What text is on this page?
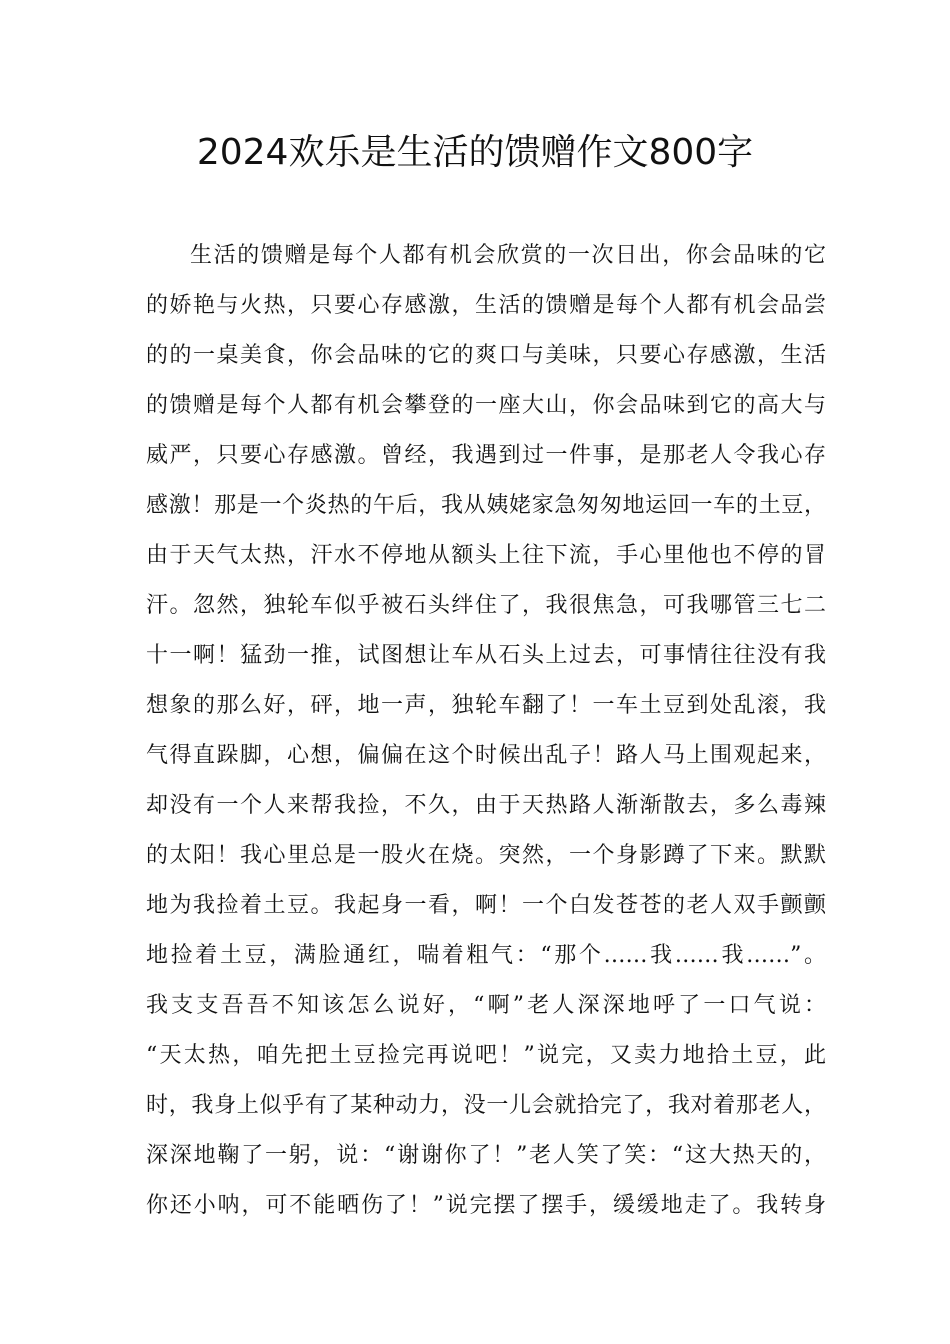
2024欢乐是生活的馈赠作文800字
生活的馈赠是每个人都有机会欣赏的一次日出，你会品味的它
的娇艳与火热，只要心存感激，生活的馈赠是每个人都有机会品尝
的的一桌美食，你会品味的它的爽口与美味，只要心存感激，生活
的馈赠是每个人都有机会攀登的一座大山，你会品味到它的高大与
威严，只要心存感激。曾经，我遇到过一件事，是那老人令我心存
感激！那是一个炎热的午后，我从姨姥家急匆匆地运回一车的土豆，
由于天气太热，汗水不停地从额头上往下流，手心里他也不停的冒
汗。忽然，独轮车似乎被石头绊住了，我很焦急，可我哪管三七二
十一啊！猛劲一推，试图想让车从石头上过去，可事情往往没有我
想象的那么好，砰，地一声，独轮车翻了！一车土豆到处乱滚，我
气得直跺脚，心想，偏偏在这个时候出乱子！路人马上围观起来，
却没有一个人来帮我捡，不久，由于天热路人渐渐散去，多么毒辣
的太阳！我心里总是一股火在烧。突然，一个身影蹲了下来。默默
地为我捡着土豆。我起身一看，啊！一个白发苍苍的老人双手颤颤
地捡着土豆，满脸通红，喘着粗气：“那个……我……我……”。
我支支吾吾不知该怎么说好，“啊”老人深深地呼了一口气说：
“天太热，咱先把土豆捡完再说吧！”说完，又卖力地拾土豆，此
时，我身上似乎有了某种动力，没一儿会就拾完了，我对着那老人，
深深地鞠了一躬，说：“谢谢你了！”老人笑了笑：“这大热天的，
你还小呐，可不能晒伤了！”说完摆了摆手，缓缓地走了。我转身
